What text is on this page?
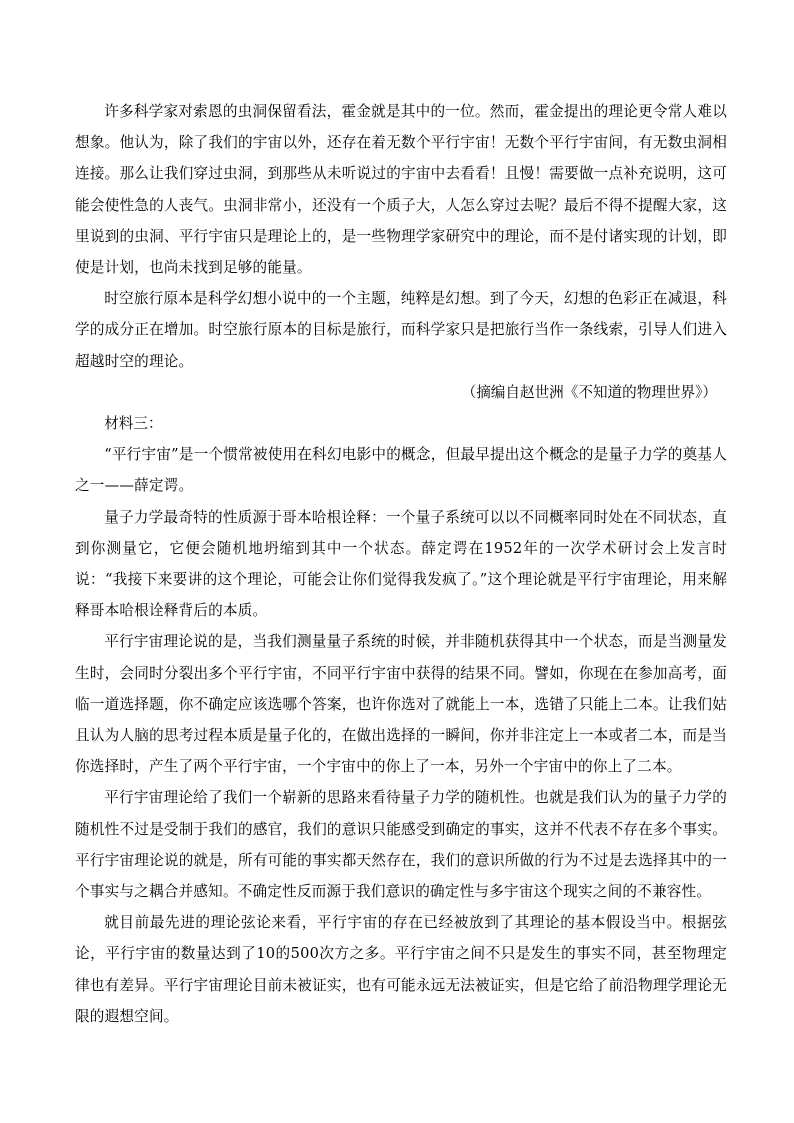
许多科学家对索恩的虫洞保留看法，霍金就是其中的一位。然而，霍金提出的理论更令常人难以想象。他认为，除了我们的宇宙以外，还存在着无数个平行宇宙！无数个平行宇宙间，有无数虫洞相连接。那么让我们穿过虫洞，到那些从未听说过的宇宙中去看看！且慢！需要做一点补充说明，这可能会使性急的人丧气。虫洞非常小，还没有一个质子大，人怎么穿过去呢？最后不得不提醒大家，这里说到的虫洞、平行宇宙只是理论上的，是一些物理学家研究中的理论，而不是付诸实现的计划，即使是计划，也尚未找到足够的能量。

时空旅行原本是科学幻想小说中的一个主题，纯粹是幻想。到了今天，幻想的色彩正在减退，科学的成分正在增加。时空旅行原本的目标是旅行，而科学家只是把旅行当作一条线索，引导人们进入超越时空的理论。

（摘编自赵世洲《不知道的物理世界》）

材料三：

“平行宇宙”是一个惯常被使用在科幻电影中的概念，但最早提出这个概念的是量子力学的奠基人之一——薛定谔。

量子力学最奇特的性质源于哥本哈根诠释：一个量子系统可以以不同概率同时处在不同状态，直到你测量它，它便会随机地坍缩到其中一个状态。薛定谔在1952年的一次学术研讨会上发言时说：“我接下来要讲的这个理论，可能会让你们觉得我发疯了。”这个理论就是平行宇宙理论，用来解释哥本哈根诠释背后的本质。

平行宇宙理论说的是，当我们测量量子系统的时候，并非随机获得其中一个状态，而是当测量发生时，会同时分裂出多个平行宇宙，不同平行宇宙中获得的结果不同。譬如，你现在在参加高考，面临一道选择题，你不确定应该选哪个答案，也许你选对了就能上一本，选错了只能上二本。让我们姑且认为人脑的思考过程本质是量子化的，在做出选择的一瞬间，你并非注定上一本或者二本，而是当你选择时，产生了两个平行宇宙，一个宇宙中的你上了一本，另外一个宇宙中的你上了二本。

平行宇宙理论给了我们一个崭新的思路来看待量子力学的随机性。也就是我们认为的量子力学的随机性不过是受制于我们的感官，我们的意识只能感受到确定的事实，这并不代表不存在多个事实。平行宇宙理论说的就是，所有可能的事实都天然存在，我们的意识所做的行为不过是去选择其中的一个事实与之耦合并感知。不确定性反而源于我们意识的确定性与多宇宙这个现实之间的不兼容性。

就目前最先进的理论弦论来看，平行宇宙的存在已经被放到了其理论的基本假设当中。根据弦论，平行宇宙的数量达到了10的500次方之多。平行宇宙之间不只是发生的事实不同，甚至物理定律也有差异。平行宇宙理论目前未被证实，也有可能永远无法被证实，但是它给了前沿物理学理论无限的遐想空间。
